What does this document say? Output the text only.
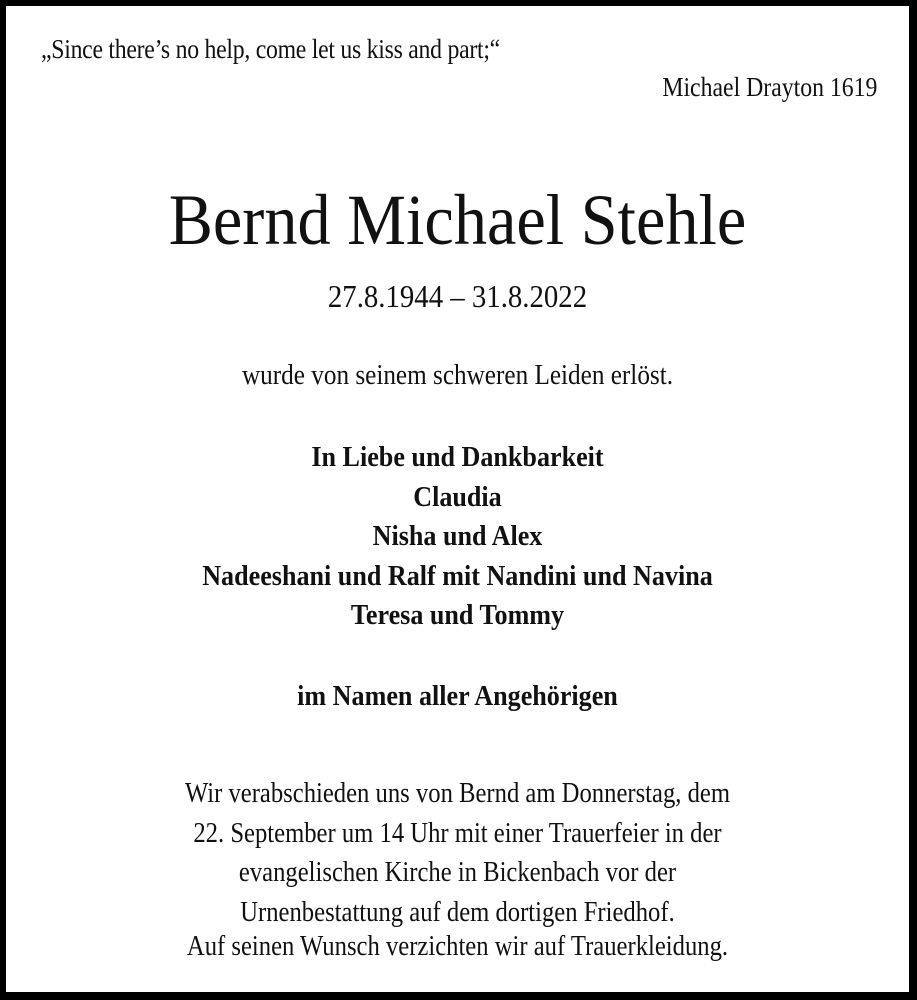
„Since there’s no help, come let us kiss and part;“
Michael Drayton 1619
Bernd Michael Stehle
27.8.1944 – 31.8.2022
wurde von seinem schweren Leiden erlöst.
In Liebe und Dankbarkeit
Claudia
Nisha und Alex
Nadeeshani und Ralf mit Nandini und Navina
Teresa und Tommy
im Namen aller Angehörigen
Wir verabschieden uns von Bernd am Donnerstag, dem
22. September um 14 Uhr mit einer Trauerfeier in der
evangelischen Kirche in Bickenbach vor der
Urnenbestattung auf dem dortigen Friedhof.
Auf seinen Wunsch verzichten wir auf Trauerkleidung.
